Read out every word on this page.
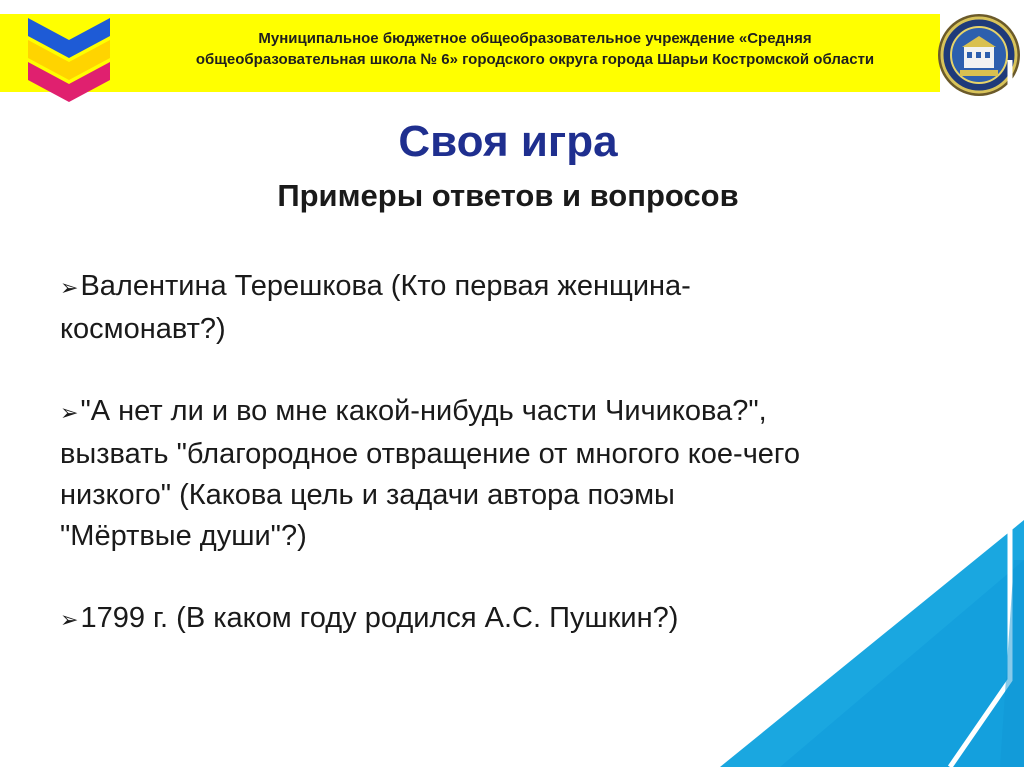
Муниципальное бюджетное общеобразовательное учреждение «Средняя
общеобразовательная школа № 6» городского округа города Шарьи Костромской области
Своя игра
Примеры ответов и вопросов
➢Валентина Терешкова (Кто первая женщина-
космонавт?)
➢"А нет ли и во мне какой-нибудь части Чичикова?",
вызвать "благородное отвращение от многого кое-чего
низкого" (Какова цель и задачи автора поэмы
"Мёртвые души"?)
➢1799 г. (В каком году родился А.С. Пушкин?)
